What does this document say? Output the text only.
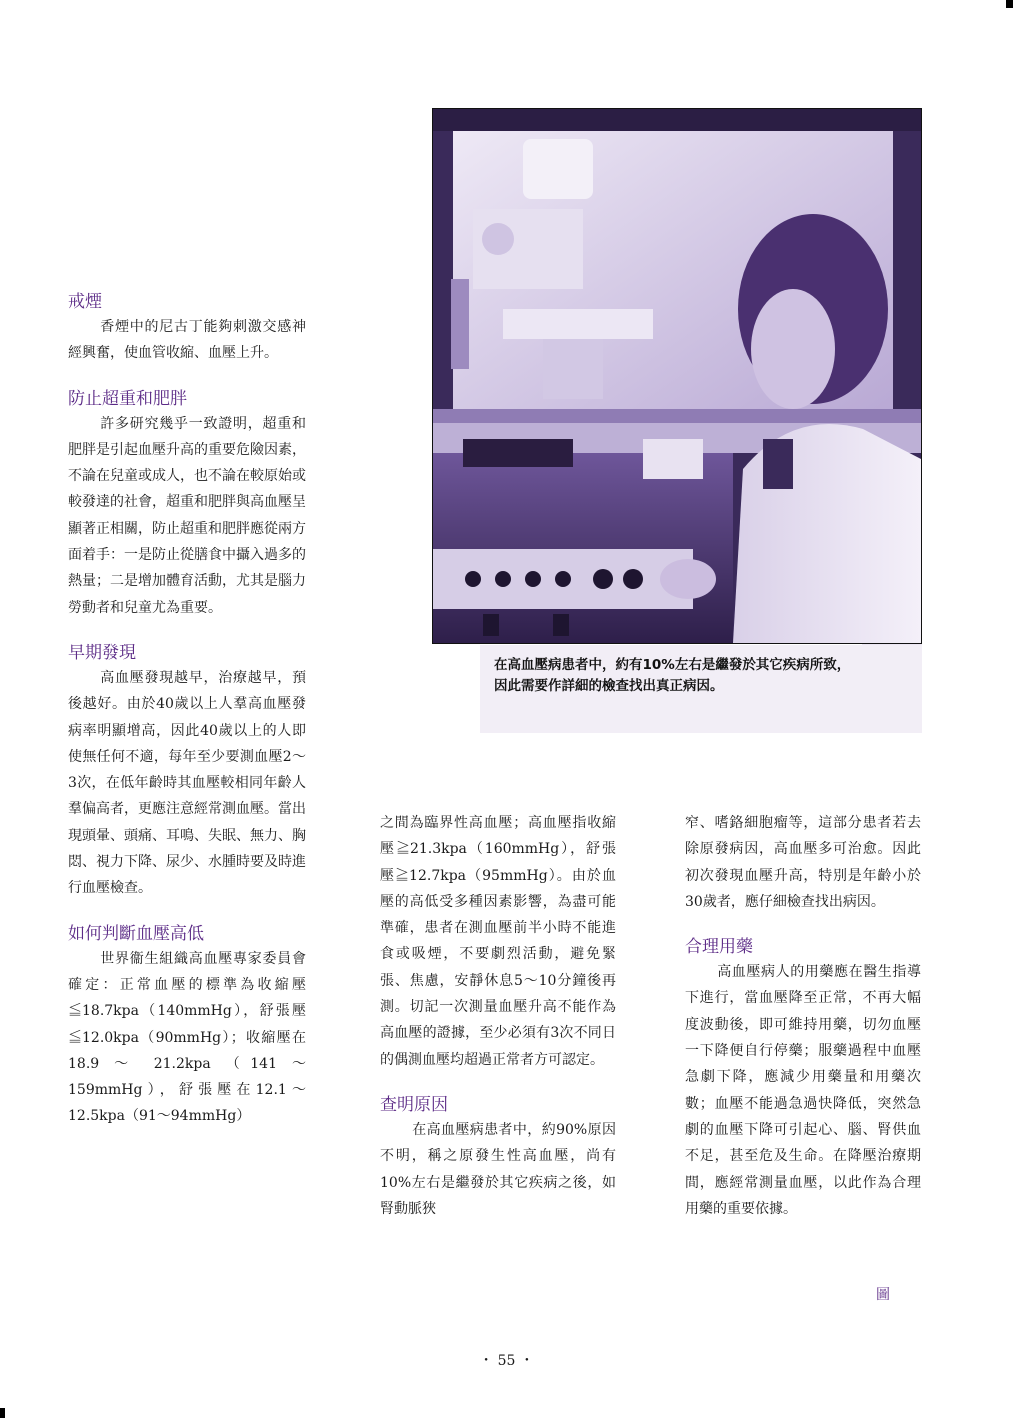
在高血壓病患者中，約有10%左右是繼發於其它疾病所致，
因此需要作詳細的檢查找出真正病因。
戒煙

香煙中的尼古丁能夠刺激交感神經興奮，使血管收縮、血壓上升。

防止超重和肥胖

許多研究幾乎一致證明，超重和肥胖是引起血壓升高的重要危險因素，不論在兒童或成人，也不論在較原始或較發達的社會，超重和肥胖與高血壓呈顯著正相關，防止超重和肥胖應從兩方面着手：一是防止從膳食中攝入過多的熱量；二是增加體育活動，尤其是腦力勞動者和兒童尤為重要。

早期發現

高血壓發現越早，治療越早，預後越好。由於40歲以上人羣高血壓發病率明顯增高，因此40歲以上的人即使無任何不適，每年至少要測血壓2～3次，在低年齡時其血壓較相同年齡人羣偏高者，更應注意經常測血壓。當出現頭暈、頭痛、耳鳴、失眠、無力、胸悶、視力下降、尿少、水腫時要及時進行血壓檢查。

如何判斷血壓高低

世界衞生組織高血壓專家委員會確定：正常血壓的標準為收縮壓≦18.7kpa（140mmHg），舒張壓≦12.0kpa（90mmHg）；收縮壓在18.9 ～ 21.2kpa （141 ～159mmHg），舒張壓在12.1～12.5kpa（91～94mmHg）

之間為臨界性高血壓；高血壓指收縮壓≧21.3kpa（160mmHg），舒張壓≧12.7kpa（95mmHg）。由於血壓的高低受多種因素影響，為盡可能準確，患者在測血壓前半小時不能進食或吸煙，不要劇烈活動，避免緊張、焦慮，安靜休息5～10分鐘後再測。切記一次測量血壓升高不能作為高血壓的證據，至少必須有3次不同日的偶測血壓均超過正常者方可認定。
查明原因

在高血壓病患者中，約90%原因不明，稱之原發生性高血壓，尚有10%左右是繼發於其它疾病之後，如腎動脈狹

窄、嗜鉻細胞瘤等，這部分患者若去除原發病因，高血壓多可治愈。因此初次發現血壓升高，特別是年齡小於30歲者，應仔細檢查找出病因。
合理用藥

高血壓病人的用藥應在醫生指導下進行，當血壓降至正常，不再大幅度波動後，即可維持用藥，切勿血壓一下降便自行停藥；服藥過程中血壓急劇下降，應減少用藥量和用藥次數；血壓不能過急過快降低，突然急劇的血壓下降可引起心、腦、腎供血不足，甚至危及生命。在降壓治療期間，應經常測量血壓，以此作為合理用藥的重要依據。

圖
・ 55 ・
